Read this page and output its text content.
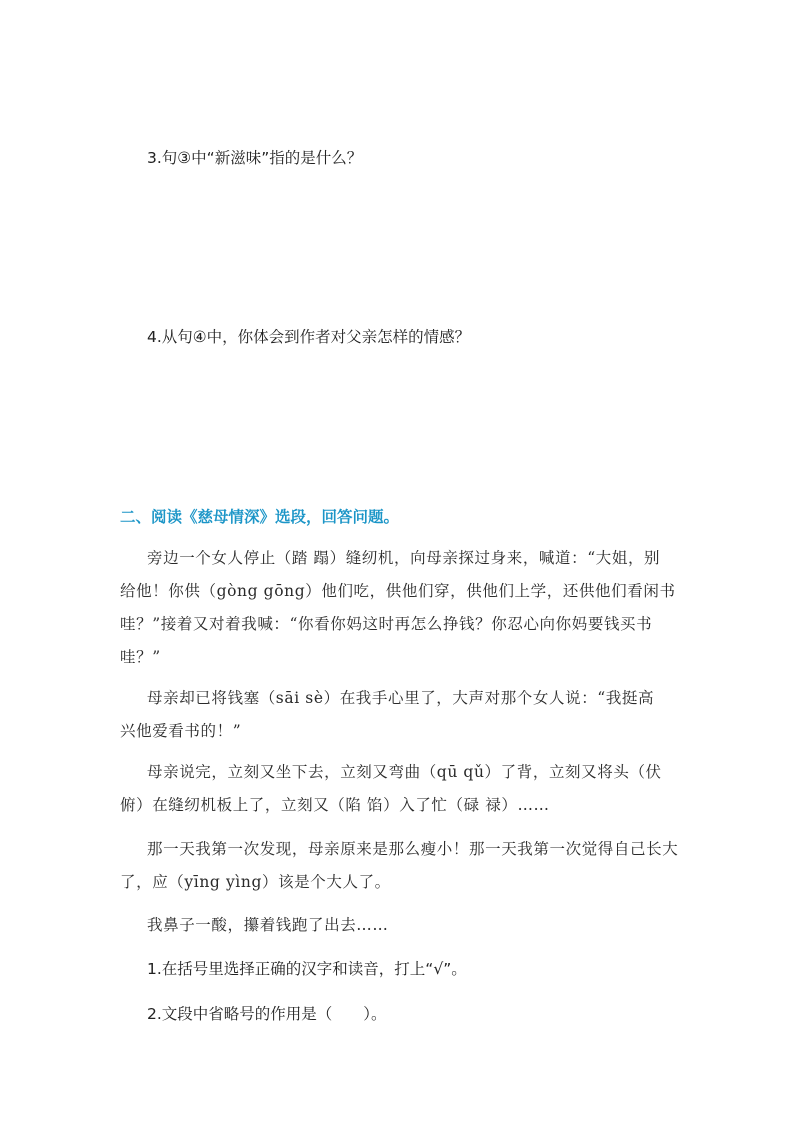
3.句③中“新滋味”指的是什么？
4.从句④中，你体会到作者对父亲怎样的情感？
二、阅读《慈母情深》选段，回答问题。
旁边一个女人停止（踏 蹋）缝纫机，向母亲探过身来，喊道：“大姐，别
给他！你供（gòng gōng）他们吃，供他们穿，供他们上学，还供他们看闲书
哇？”接着又对着我喊：“你看你妈这时再怎么挣钱？你忍心向你妈要钱买书
哇？”
母亲却已将钱塞（sāi sè）在我手心里了，大声对那个女人说：“我挺高
兴他爱看书的！”
母亲说完，立刻又坐下去，立刻又弯曲（qū qǔ）了背，立刻又将头（伏
俯）在缝纫机板上了，立刻又（陷 馅）入了忙（碌 禄）……
那一天我第一次发现，母亲原来是那么瘦小！那一天我第一次觉得自己长大
了，应（yīng yìng）该是个大人了。
我鼻子一酸，攥着钱跑了出去……
1.在括号里选择正确的汉字和读音，打上“√”。
2.文段中省略号的作用是（　　）。
